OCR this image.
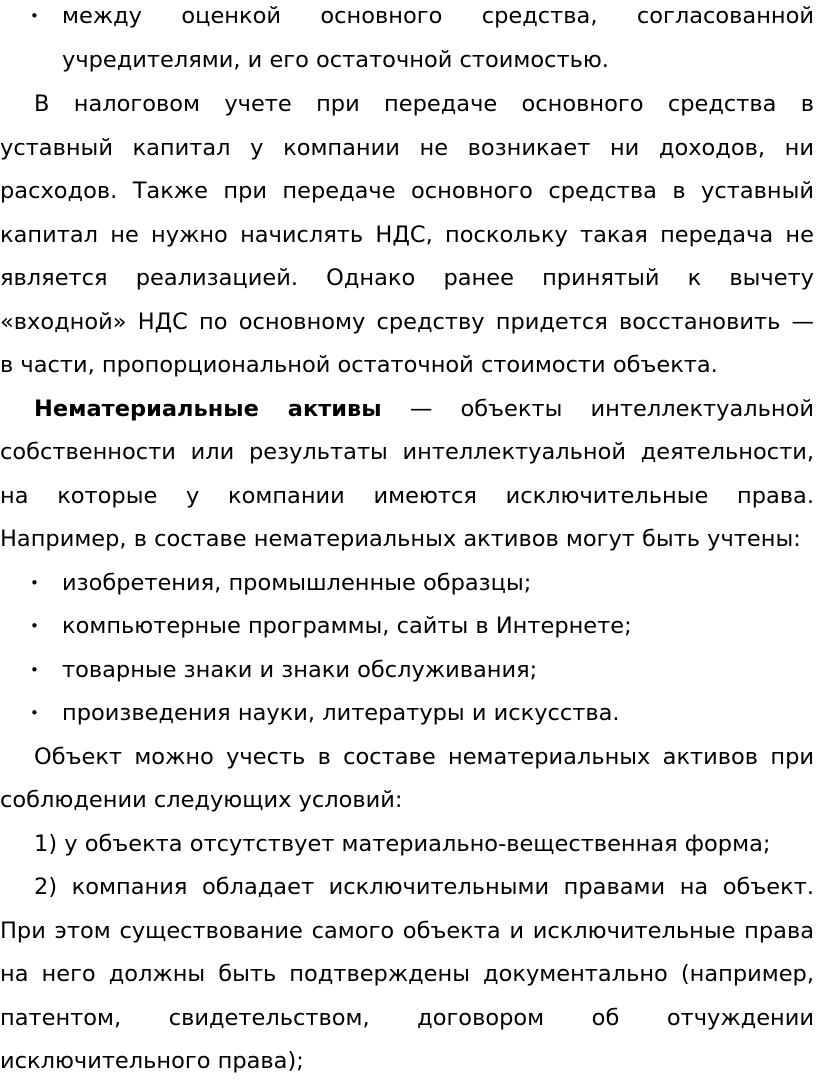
• между оценкой основного средства, согласованной
учредителями, и его остаточной стоимостью.
В налоговом учете при передаче основного средства в
уставный капитал у компании не возникает ни доходов, ни
расходов. Также при передаче основного средства в уставный
капитал не нужно начислять НДС, поскольку такая передача не
является реализацией. Однако ранее принятый к вычету
«входной» НДС по основному средству придется восстановить —
в части, пропорциональной остаточной стоимости объекта.
Нематериальные активы — объекты интеллектуальной
собственности или результаты интеллектуальной деятельности,
на которые у компании имеются исключительные права.
Например, в составе нематериальных активов могут быть учтены:
• изобретения, промышленные образцы;
• компьютерные программы, сайты в Интернете;
• товарные знаки и знаки обслуживания;
• произведения науки, литературы и искусства.
Объект можно учесть в составе нематериальных активов при
соблюдении следующих условий:
1) у объекта отсутствует материально-вещественная форма;
2) компания обладает исключительными правами на объект.
При этом существование самого объекта и исключительные права
на него должны быть подтверждены документально (например,
патентом, свидетельством, договором об отчуждении
исключительного права);
